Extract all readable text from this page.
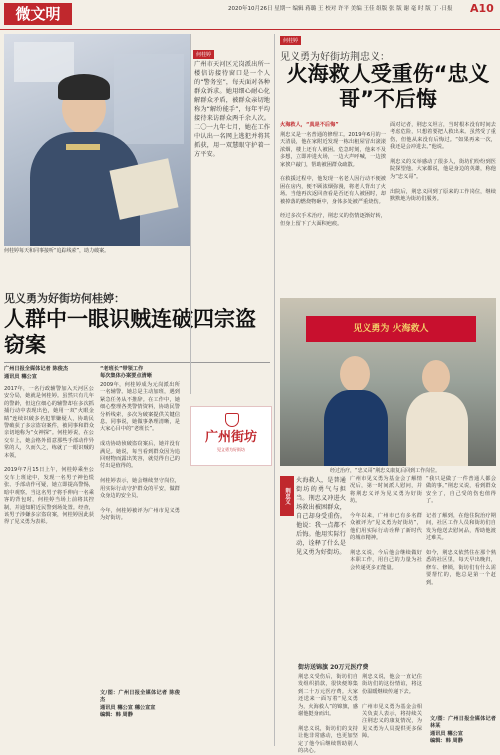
微文明	2020年10月26日 星期一 编辑 蒋璐 王 校对 许平 美编 王佳 组版 张 版 谢 毫 时 版 丁 ·日报 A10
何桂婷每天和同事接听“追踪线索”，助力破案。
何桂婷
广州市天河区元岗派出所一楼信访接待窗口是一个人的“警务室”，每天面对各种群众诉求。她用细心耐心化解群众矛盾，被群众亲切地称为“解纷能手”，每年平均接待来访群众两千余人次。二〇一九年七月，她在工作中认出一名网上逃犯并将其抓获，用一双慧眼守护着一方平安。
见义勇为好街坊何桂婷：
人群中一眼识贼连破四宗盗窃案
广州日报全媒体记者 陈俊杰
通讯员 穗公宣
2017年，一名行政辅警加入天河区公安分局，她就是何桂婷。虽然只有几年的警龄，但这位细心的辅警却在多次抓捕行动中表现出色，她用一双“火眼金睛”连续识破多名犯罪嫌疑人，协助民警破获了多宗盗窃案件，被同事和群众亲切地称为“女神探”。何桂婷说，在公交车上，她会格外留意那些手部动作异常的人，久而久之，练就了一眼识贼的本领。

2019年7月15日上午，何桂婷乘坐公交车上班途中，发现一名男子神色慌张、手部动作可疑，她立即提高警惕，暗中观察。当这名男子将手伸向一名乘客的背包时，何桂婷当场上前将其控制，并通知附近民警到场处置。经查，该男子涉嫌多宗盗窃案，何桂婷因此获得了见义勇为表彰。
“老班长”带领工作
每次集体办案要点清晰
2009年，何桂婷成为元岗派出所一名辅警。她总是主动加班，遇到紧急任务从不推辞。在工作中，她细心整理各类警情资料，协助民警分析线索，多次为破案提供关键信息。同事说，她做事条理清晰，是大家心目中的“老班长”。

成功协助侦破盗窃案后，她并没有满足。她说，每当看到群众因为追回财物而露出笑容，就觉得自己的付出是值得的。

何桂婷表示，她会继续坚守岗位，用实际行动守护群众的平安，做群众身边的安全员。

今年，何桂婷被评为广州市见义勇为好街坊。
文/图：广州日报全媒体记者 陈俊杰
通讯员 穗公宣 穗公宣宣
编辑：韩 周静
广州街坊
见义勇为好街坊
何桂婷
见义勇为好街坊荆忠义：
火海救人受重伤“忠义哥”不后悔
火海救人，“真是不后悔”
荆忠义是一名普通的修理工。2019年6月的一天清晨，他在家附近发现一栋出租屋冒出滚滚浓烟，楼上还有人被困。危急时刻，他来不及多想，立即冲进火场，一边大声呼喊，一边挨家挨户敲门，帮助被困群众疏散。

在救援过程中，他发现一名老人因行动不便被困在房内，便不顾浓烟弥漫，将老人背出了火场。当他再次返回查看是否还有人被困时，却被掉落的燃烧物砸中，身体多处被严重烧伤。

经过多次手术治疗，荆忠义的伤情逐渐好转，但身上留下了大面积疤痕。
面对记者，荆忠义坦言，当时根本没有时间去考虑危险，只想着要把人救出来。虽然受了重伤，但他从来没有后悔过。“如果再来一次，我还是会冲进去。”他说。

荆忠义的义举感动了很多人，街坊们纷纷到医院探望他。大家都说，他是身边的英雄，称他为“忠义哥”。

出院后，荆忠义回到了原来的工作岗位，继续默默地为街坊们服务。
见义勇为 火海救人
经过治疗，“忠义哥”荆忠义康复后回到工作岗位。
荆忠义
火海救人，是普通街坊的勇气与担当。荆忠义冲进火场救出被困群众，自己却身受重伤。他说：我一点都不后悔。他用实际行动，诠释了什么是见义勇为好街坊。
广州市见义勇为基金会了解情况后，第一时间派人慰问，并将荆忠义评为见义勇为好街坊。

今年以来，广州市已有多名群众被评为“见义勇为好街坊”，他们用实际行动诠释了新时代的城市精神。

荆忠义说，今后他会继续做好本职工作，用自己的力量为社会传递更多正能量。
“我只是做了一件普通人都会做的事。”荆忠义说，看到群众安全了，自己受的伤也值得了。

记者了解到，在他住院治疗期间，社区工作人员和街坊们自发为他送去慰问品，帮助他渡过难关。

如今，荆忠义依然住在那个熟悉的社区里，每天早出晚归，修车、修锁，街坊们有什么需要帮忙的，他总是第一个赶到。
街坊送锦旗 20万元医疗费
荆忠义受伤后，街坊们自发组织捐款，很快便筹集到二十万元医疗费。大家还送来一面写着“见义勇为，火海救人”的锦旗，感谢他挺身而出。

荆忠义说，街坊们的支持让他非常感动，也更加坚定了他今后继续帮助别人的决心。
荆忠义说，他会一直记住街坊们的这份情谊，将这份温暖继续传递下去。

广州市见义勇为基金会相关负责人表示，将持续关注荆忠义的康复情况，为见义勇为人员提供更多保障。
文/图：广州日报全媒体记者 林某
通讯员 穗公宣
编辑：韩 周静
